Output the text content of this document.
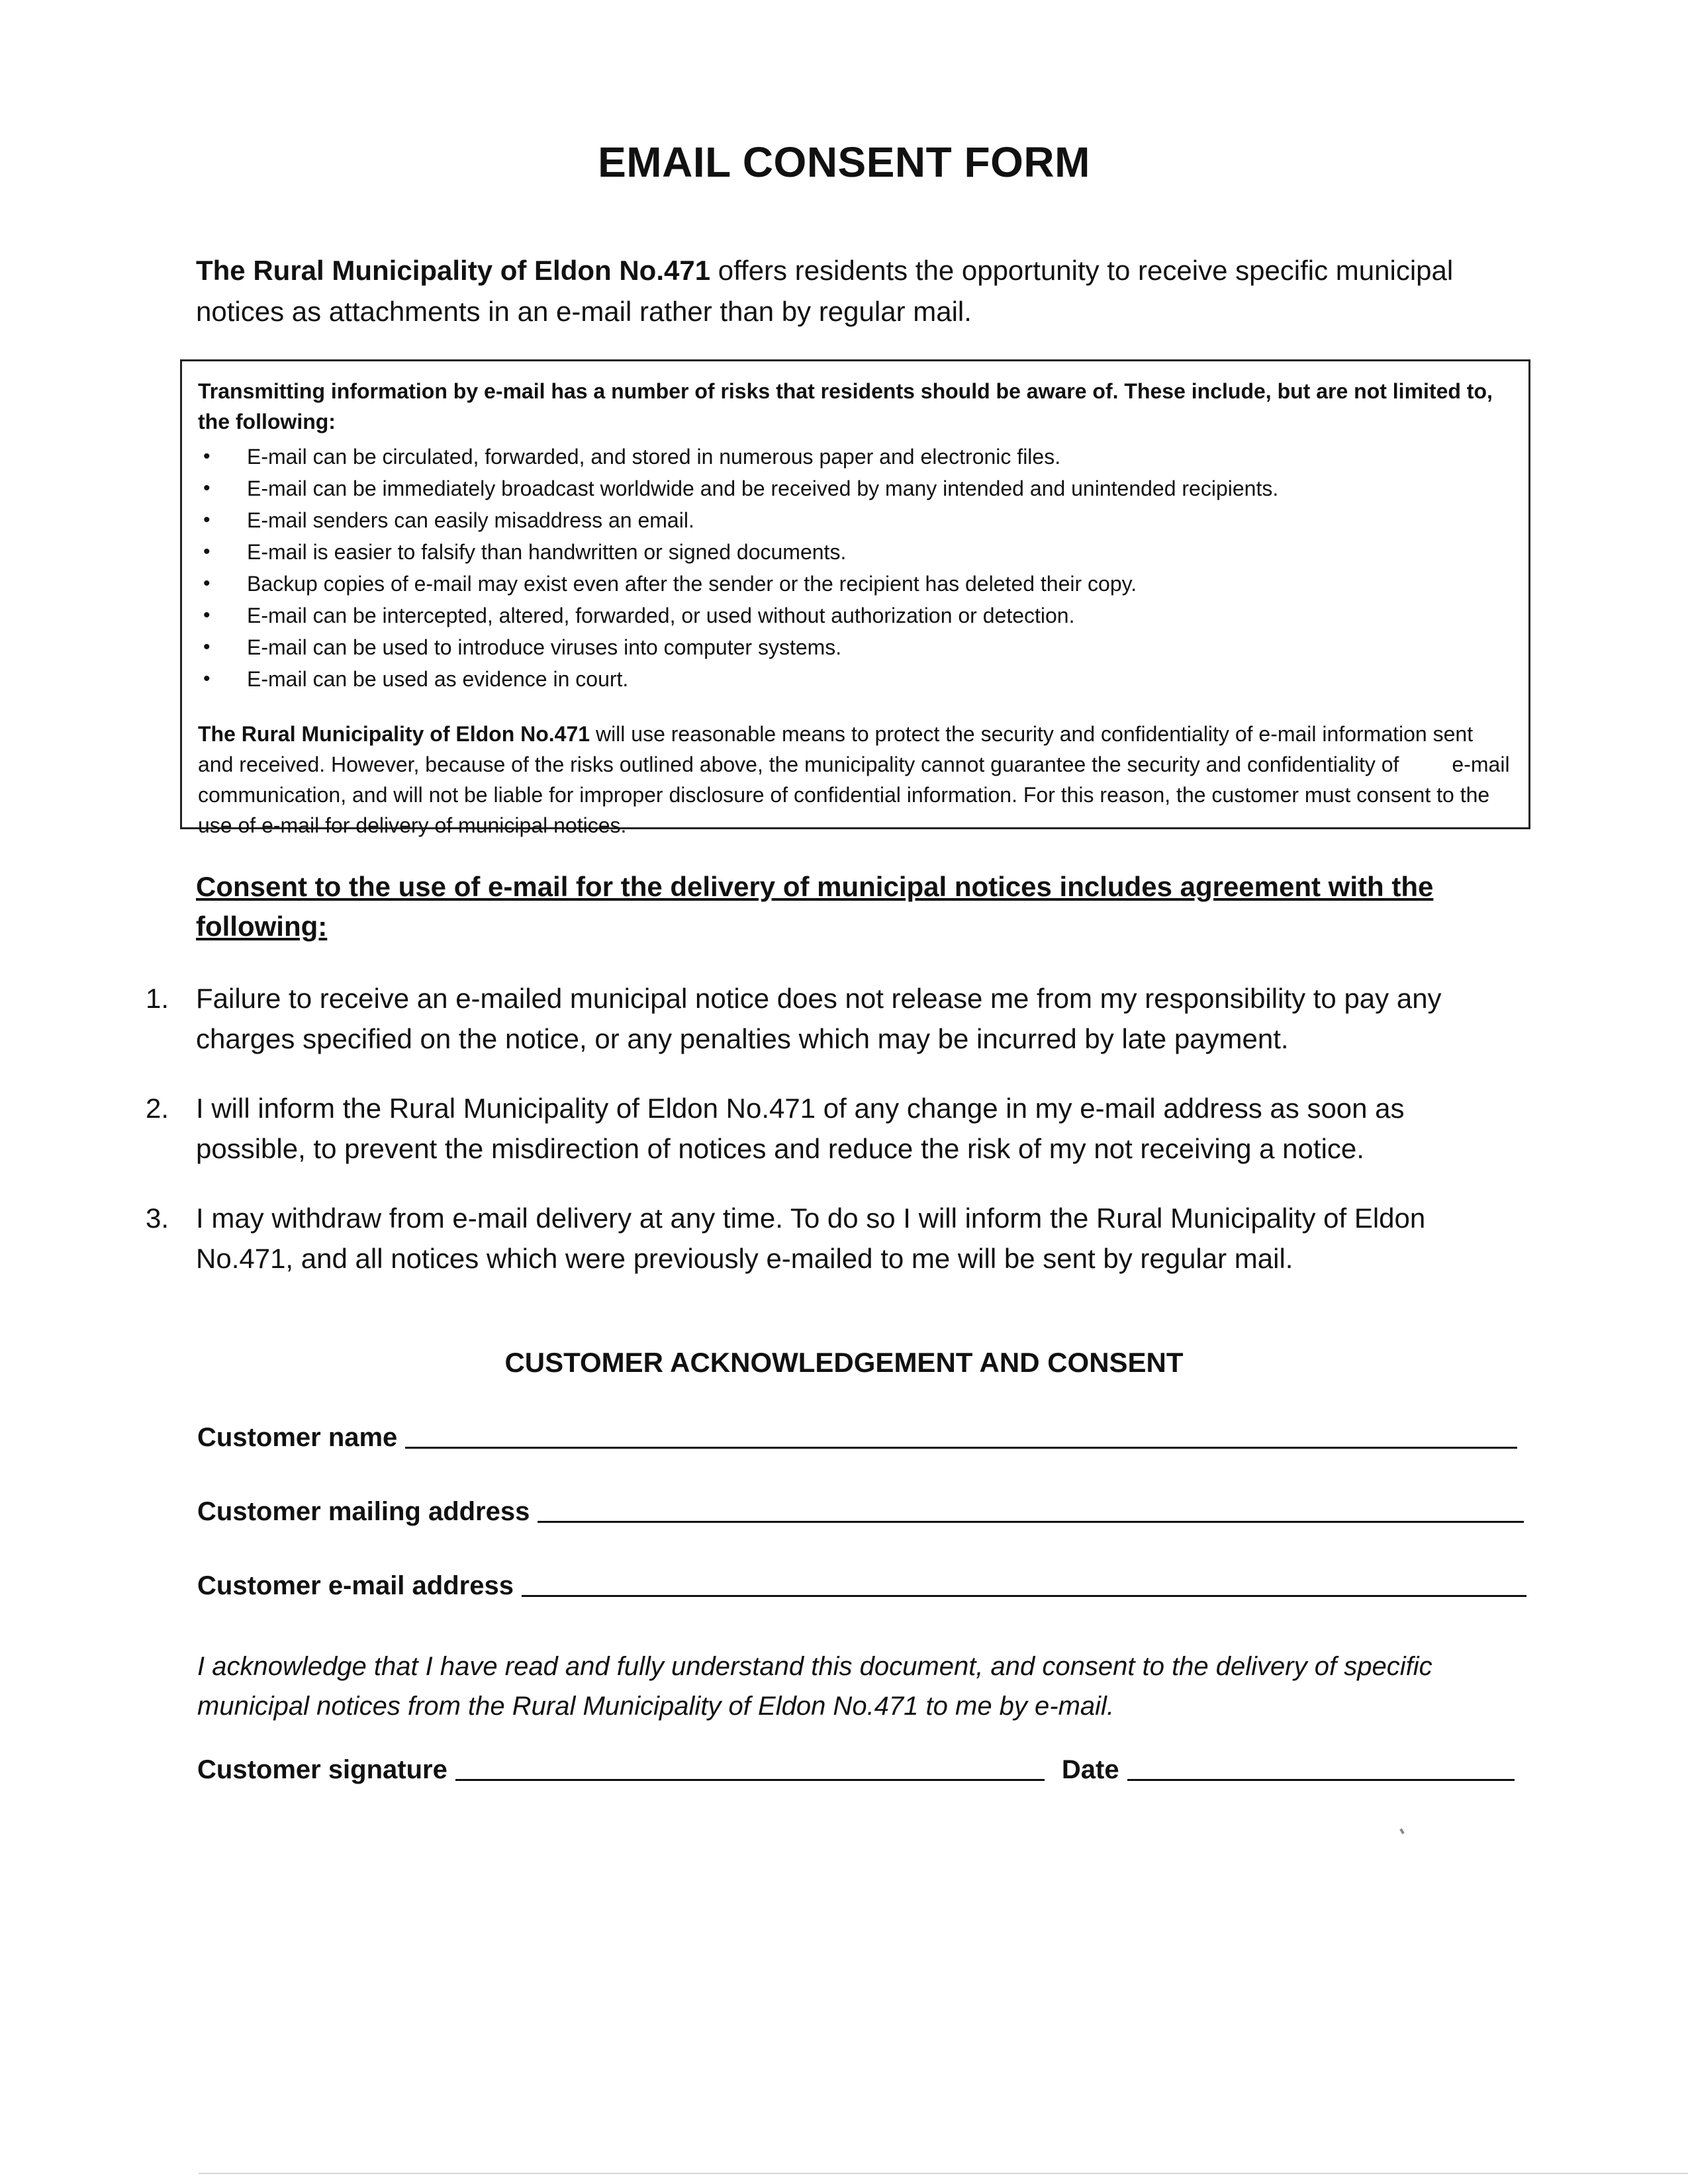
EMAIL CONSENT FORM
The Rural Municipality of Eldon No.471 offers residents the opportunity to receive specific municipal notices as attachments in an e-mail rather than by regular mail.
Transmitting information by e-mail has a number of risks that residents should be aware of. These include, but are not limited to, the following:
• E-mail can be circulated, forwarded, and stored in numerous paper and electronic files.
• E-mail can be immediately broadcast worldwide and be received by many intended and unintended recipients.
• E-mail senders can easily misaddress an email.
• E-mail is easier to falsify than handwritten or signed documents.
• Backup copies of e-mail may exist even after the sender or the recipient has deleted their copy.
• E-mail can be intercepted, altered, forwarded, or used without authorization or detection.
• E-mail can be used to introduce viruses into computer systems.
• E-mail can be used as evidence in court.
The Rural Municipality of Eldon No.471 will use reasonable means to protect the security and confidentiality of e-mail information sent and received. However, because of the risks outlined above, the municipality cannot guarantee the security and confidentiality of	e-mail communication, and will not be liable for improper disclosure of confidential information. For this reason, the customer must consent to the use of e-mail for delivery of municipal notices.
Consent to the use of e-mail for the delivery of municipal notices includes agreement with the following:
1. Failure to receive an e-mailed municipal notice does not release me from my responsibility to pay any charges specified on the notice, or any penalties which may be incurred by late payment.
2. I will inform the Rural Municipality of Eldon No.471 of any change in my e-mail address as soon as possible, to prevent the misdirection of notices and reduce the risk of my not receiving a notice.
3. I may withdraw from e-mail delivery at any time. To do so I will inform the Rural Municipality of Eldon No.471, and all notices which were previously e-mailed to me will be sent by regular mail.
CUSTOMER ACKNOWLEDGEMENT AND CONSENT
Customer name
Customer mailing address
Customer e-mail address
I acknowledge that I have read and fully understand this document, and consent to the delivery of specific municipal notices from the Rural Municipality of Eldon No.471 to me by e-mail.
Customer signature	Date
